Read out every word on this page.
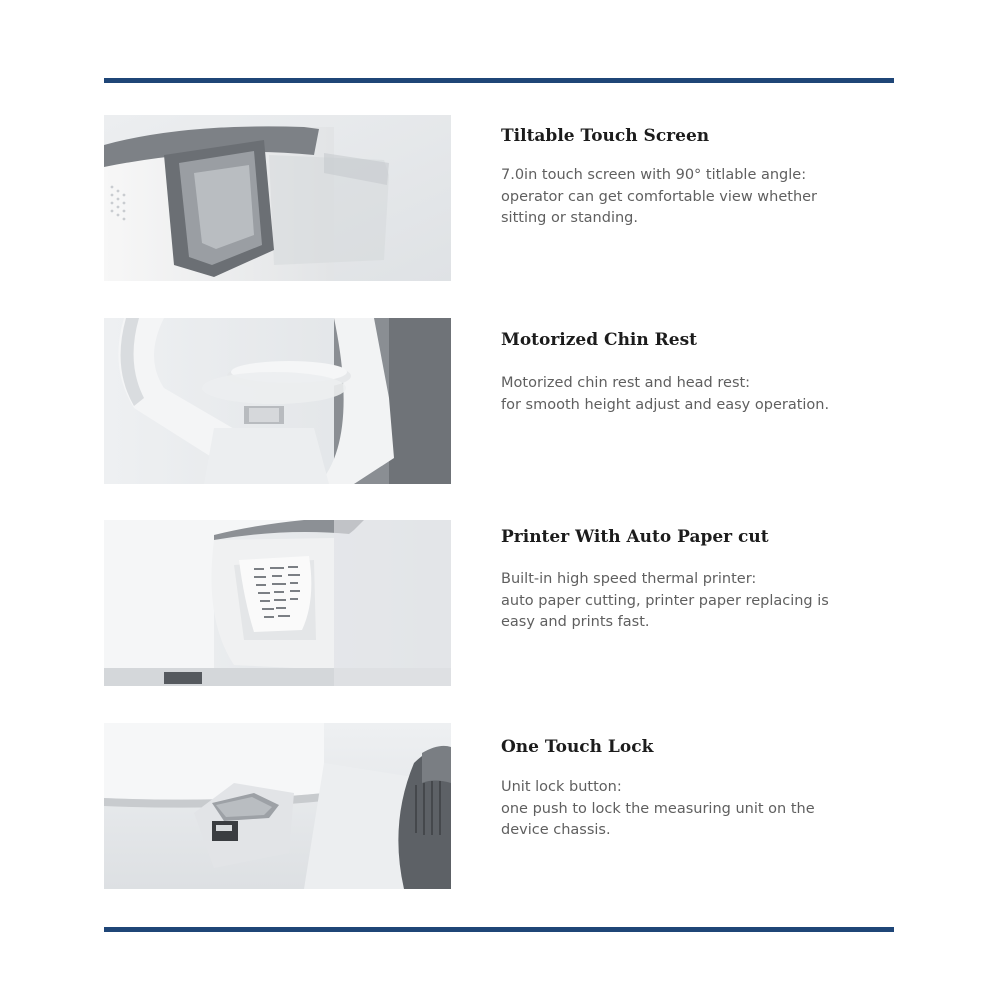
Tiltable Touch Screen

7.0in touch screen with 90° titlable angle:
operator can get comfortable view whether
sitting or standing.

Motorized Chin Rest

Motorized chin rest and head rest:
for smooth height adjust and easy operation.

Printer With Auto Paper cut

Built-in high speed thermal printer:
auto paper cutting, printer paper replacing is
easy and prints fast.

One Touch Lock

Unit lock button:
one push to lock the measuring unit on the
device chassis.
